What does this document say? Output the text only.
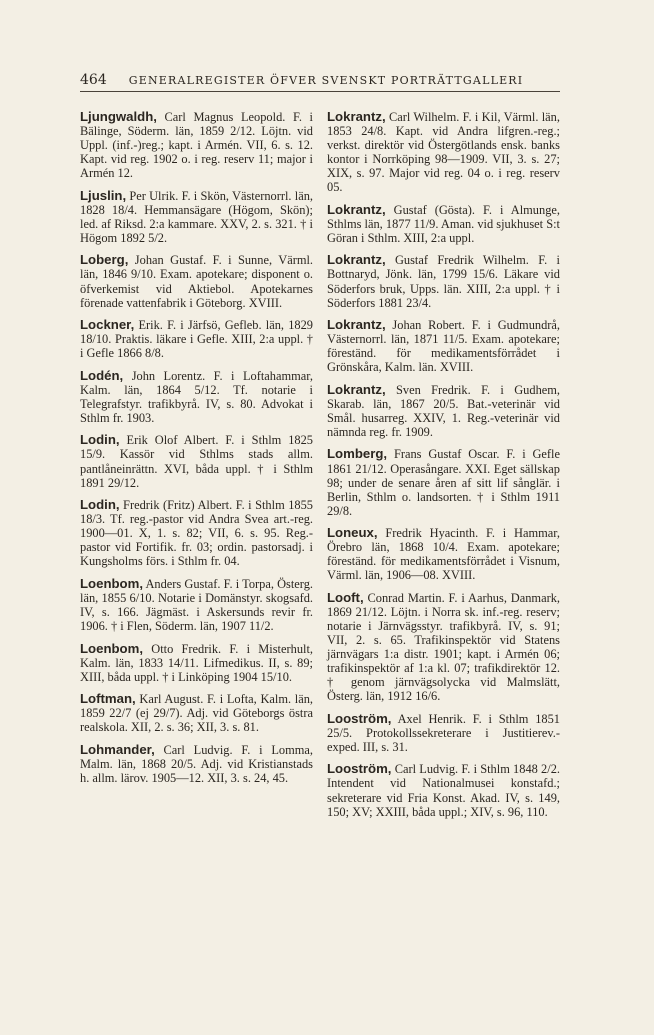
464 GENERALREGISTER ÖFVER SVENSKT PORTRÄTTGALLERI

Ljungwaldh, Carl Magnus Leopold. F. i Bälinge, Söderm. län, 1859 2/12. Löjtn. vid Uppl. (inf.-)reg.; kapt. i Armén. VII, 6. s. 12. Kapt. vid reg. 1902 o. i reg. reserv 11; major i Armén 12.

Ljuslin, Per Ulrik. F. i Skön, Västernorrl. län, 1828 18/4. Hemmansägare (Högom, Skön); led. af Riksd. 2:a kammare. XXV, 2. s. 321. † i Högom 1892 5/2.

Loberg, Johan Gustaf. F. i Sunne, Värml. län, 1846 9/10. Exam. apotekare; disponent o. öfverkemist vid Aktiebol. Apotekarnes förenade vattenfabrik i Göteborg. XVIII.

Lockner, Erik. F. i Järfsö, Gefleb. län, 1829 18/10. Praktis. läkare i Gefle. XIII, 2:a uppl. † i Gefle 1866 8/8.

Lodén, John Lorentz. F. i Loftahammar, Kalm. län, 1864 5/12. Tf. notarie i Telegrafstyr. trafikbyrå. IV, s. 80. Advokat i Sthlm fr. 1903.

Lodin, Erik Olof Albert. F. i Sthlm 1825 15/9. Kassör vid Sthlms stads allm. pantlåneinrättn. XVI, båda uppl. † i Sthlm 1891 29/12.

Lodin, Fredrik (Fritz) Albert. F. i Sthlm 1855 18/3. Tf. reg.-pastor vid Andra Svea art.-reg. 1900—01. X, 1. s. 82; VII, 6. s. 95. Reg.-pastor vid Fortifik. fr. 03; ordin. pastorsadj. i Kungsholms förs. i Sthlm fr. 04.

Loenbom, Anders Gustaf. F. i Torpa, Österg. län, 1855 6/10. Notarie i Domänstyr. skogsafd. IV, s. 166. Jägmäst. i Askersunds revir fr. 1906. † i Flen, Söderm. län, 1907 11/2.

Loenbom, Otto Fredrik. F. i Misterhult, Kalm. län, 1833 14/11. Lifmedikus. II, s. 89; XIII, båda uppl. † i Linköping 1904 15/10.

Loftman, Karl August. F. i Lofta, Kalm. län, 1859 22/7 (ej 29/7). Adj. vid Göteborgs östra realskola. XII, 2. s. 36; XII, 3. s. 81.

Lohmander, Carl Ludvig. F. i Lomma, Malm. län, 1868 20/5. Adj. vid Kristianstads h. allm. lärov. 1905—12. XII, 3. s. 24, 45.

Lokrantz, Carl Wilhelm. F. i Kil, Värml. län, 1853 24/8. Kapt. vid Andra lifgren.-reg.; verkst. direktör vid Östergötlands ensk. banks kontor i Norrköping 98—1909. VII, 3. s. 27; XIX, s. 97. Major vid reg. 04 o. i reg. reserv 05.

Lokrantz, Gustaf (Gösta). F. i Almunge, Sthlms län, 1877 11/9. Aman. vid sjukhuset S:t Göran i Sthlm. XIII, 2:a uppl.

Lokrantz, Gustaf Fredrik Wilhelm. F. i Bottnaryd, Jönk. län, 1799 15/6. Läkare vid Söderfors bruk, Upps. län. XIII, 2:a uppl. † i Söderfors 1881 23/4.

Lokrantz, Johan Robert. F. i Gudmundrå, Västernorrl. län, 1871 11/5. Exam. apotekare; föreständ. för medikamentsförrådet i Grönskåra, Kalm. län. XVIII.

Lokrantz, Sven Fredrik. F. i Gudhem, Skarab. län, 1867 20/5. Bat.-veterinär vid Smål. husarreg. XXIV, 1. Reg.-veterinär vid nämnda reg. fr. 1909.

Lomberg, Frans Gustaf Oscar. F. i Gefle 1861 21/12. Operasångare. XXI. Eget sällskap 98; under de senare åren af sitt lif sånglär. i Berlin, Sthlm o. landsorten. † i Sthlm 1911 29/8.

Loneux, Fredrik Hyacinth. F. i Hammar, Örebro län, 1868 10/4. Exam. apotekare; föreständ. för medikamentsförrådet i Visnum, Värml. län, 1906—08. XVIII.

Looft, Conrad Martin. F. i Aarhus, Danmark, 1869 21/12. Löjtn. i Norra sk. inf.-reg. reserv; notarie i Järnvägsstyr. trafikbyrå. IV, s. 91; VII, 2. s. 65. Trafikinspektör vid Statens järnvägars 1:a distr. 1901; kapt. i Armén 06; trafikinspektör af 1:a kl. 07; trafikdirektör 12. † genom järnvägsolycka vid Malmslätt, Österg. län, 1912 16/6.

Looström, Axel Henrik. F. i Sthlm 1851 25/5. Protokollssekreterare i Justitierev.-exped. III, s. 31.

Looström, Carl Ludvig. F. i Sthlm 1848 2/2. Intendent vid Nationalmusei konstafd.; sekreterare vid Fria Konst. Akad. IV, s. 149, 150; XV; XXIII, båda uppl.; XIV, s. 96, 110.
